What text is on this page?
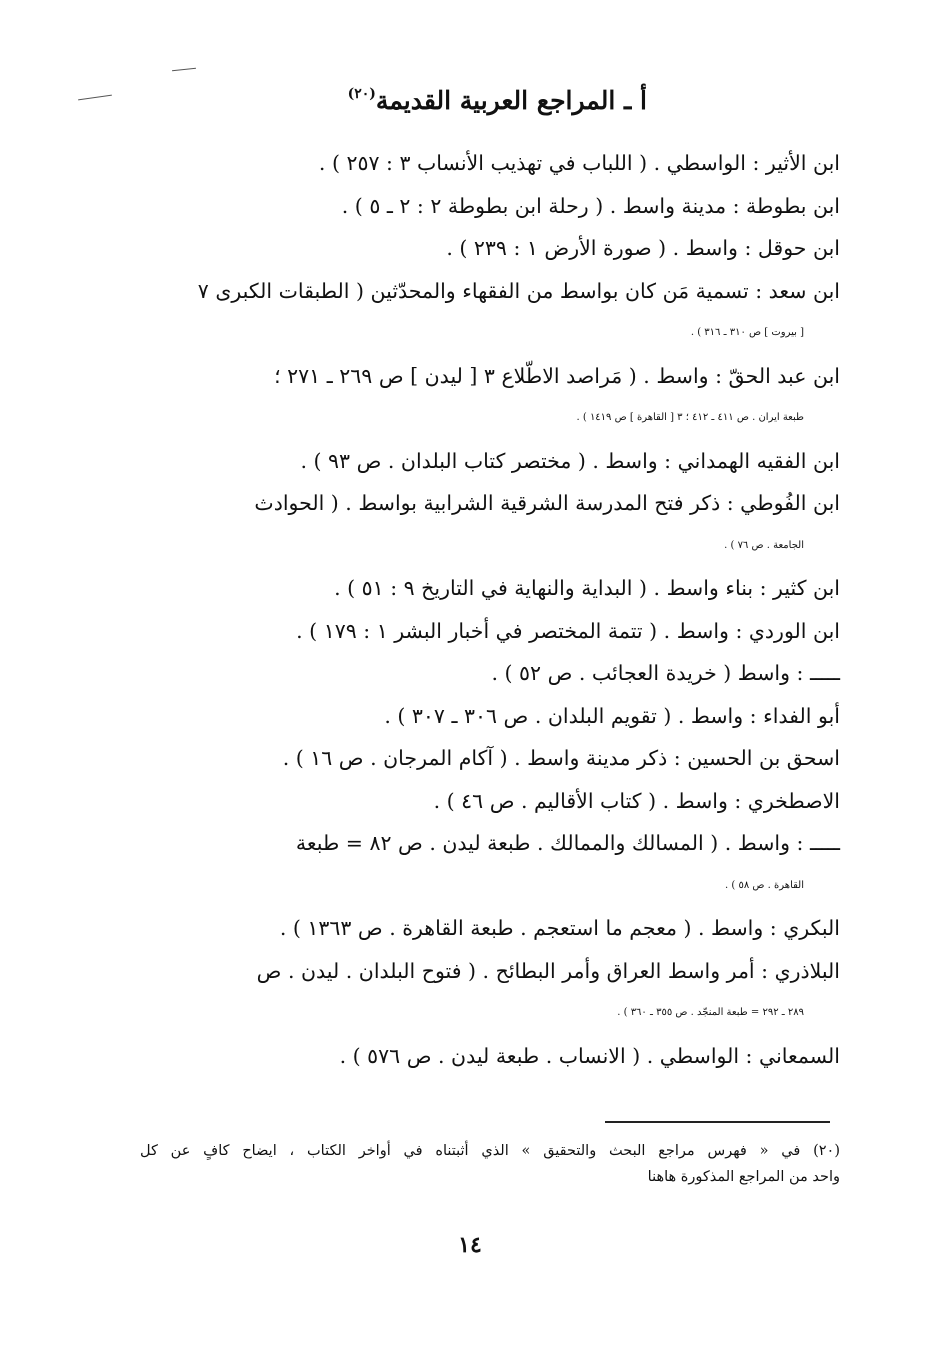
أ ـ المراجع العربية القديمة$^{(٢٠)}$
ابن الأثير : الواسطي . ( اللباب في تهذيب الأنساب ٣ : ٢٥٧ ) .
ابن بطوطة : مدينة واسط . ( رحلة ابن بطوطة ٢ : ٢ ـ ٥ ) .
ابن حوقل : واسط . ( صورة الأرض ١ : ٢٣٩ ) .
ابن سعد : تسمية مَن كان بواسط من الفقهاء والمحدّثين ( الطبقات الكبرى ٧
[ بيروت ] ص ٣١٠ ـ ٣١٦ ) .
ابن عبد الحقّ : واسط . ( مَراصد الاطّلاع ٣ [ ليدن ] ص ٢٦٩ ـ ٢٧١ ؛
طبعة ايران . ص ٤١١ ـ ٤١٢ ؛ ٣ [ القاهرة ] ص ١٤١٩ ) .
ابن الفقيه الهمداني : واسط . ( مختصر كتاب البلدان . ص ٩٣ ) .
ابن الفُوطي : ذكر فتح المدرسة الشرقية الشرابية بواسط . ( الحوادث
الجامعة . ص ٧٦ ) .
ابن كثير : بناء واسط . ( البداية والنهاية في التاريخ ٩ : ٥١ ) .
ابن الوردي : واسط . ( تتمة المختصر في أخبار البشر ١ : ١٧٩ ) .
ـــــ : واسط ( خريدة العجائب . ص ٥٢ ) .
أبو الفداء : واسط . ( تقويم البلدان . ص ٣٠٦ ـ ٣٠٧ ) .
اسحق بن الحسين : ذكر مدينة واسط . ( آكام المرجان . ص ١٦ ) .
الاصطخري : واسط . ( كتاب الأقاليم . ص ٤٦ ) .
ـــــ : واسط . ( المسالك والممالك . طبعة ليدن . ص ٨٢ = طبعة
القاهرة . ص ٥٨ ) .
البكري : واسط . ( معجم ما استعجم . طبعة القاهرة . ص ١٣٦٣ ) .
البلاذري : أمر واسط العراق وأمر البطائح . ( فتوح البلدان . ليدن . ص
٢٨٩ ـ ٢٩٢ = طبعة المنجّد . ص ٣٥٥ ـ ٣٦٠ ) .
السمعاني : الواسطي . ( الانساب . طبعة ليدن . ص ٥٧٦ ) .
(٢٠) في « فهرس مراجع البحث والتحقيق » الذي أثبتناه في أواخر الكتاب ، ايضاح كافٍ عن كل
واحد من المراجع المذكورة هاهنا
١٤
